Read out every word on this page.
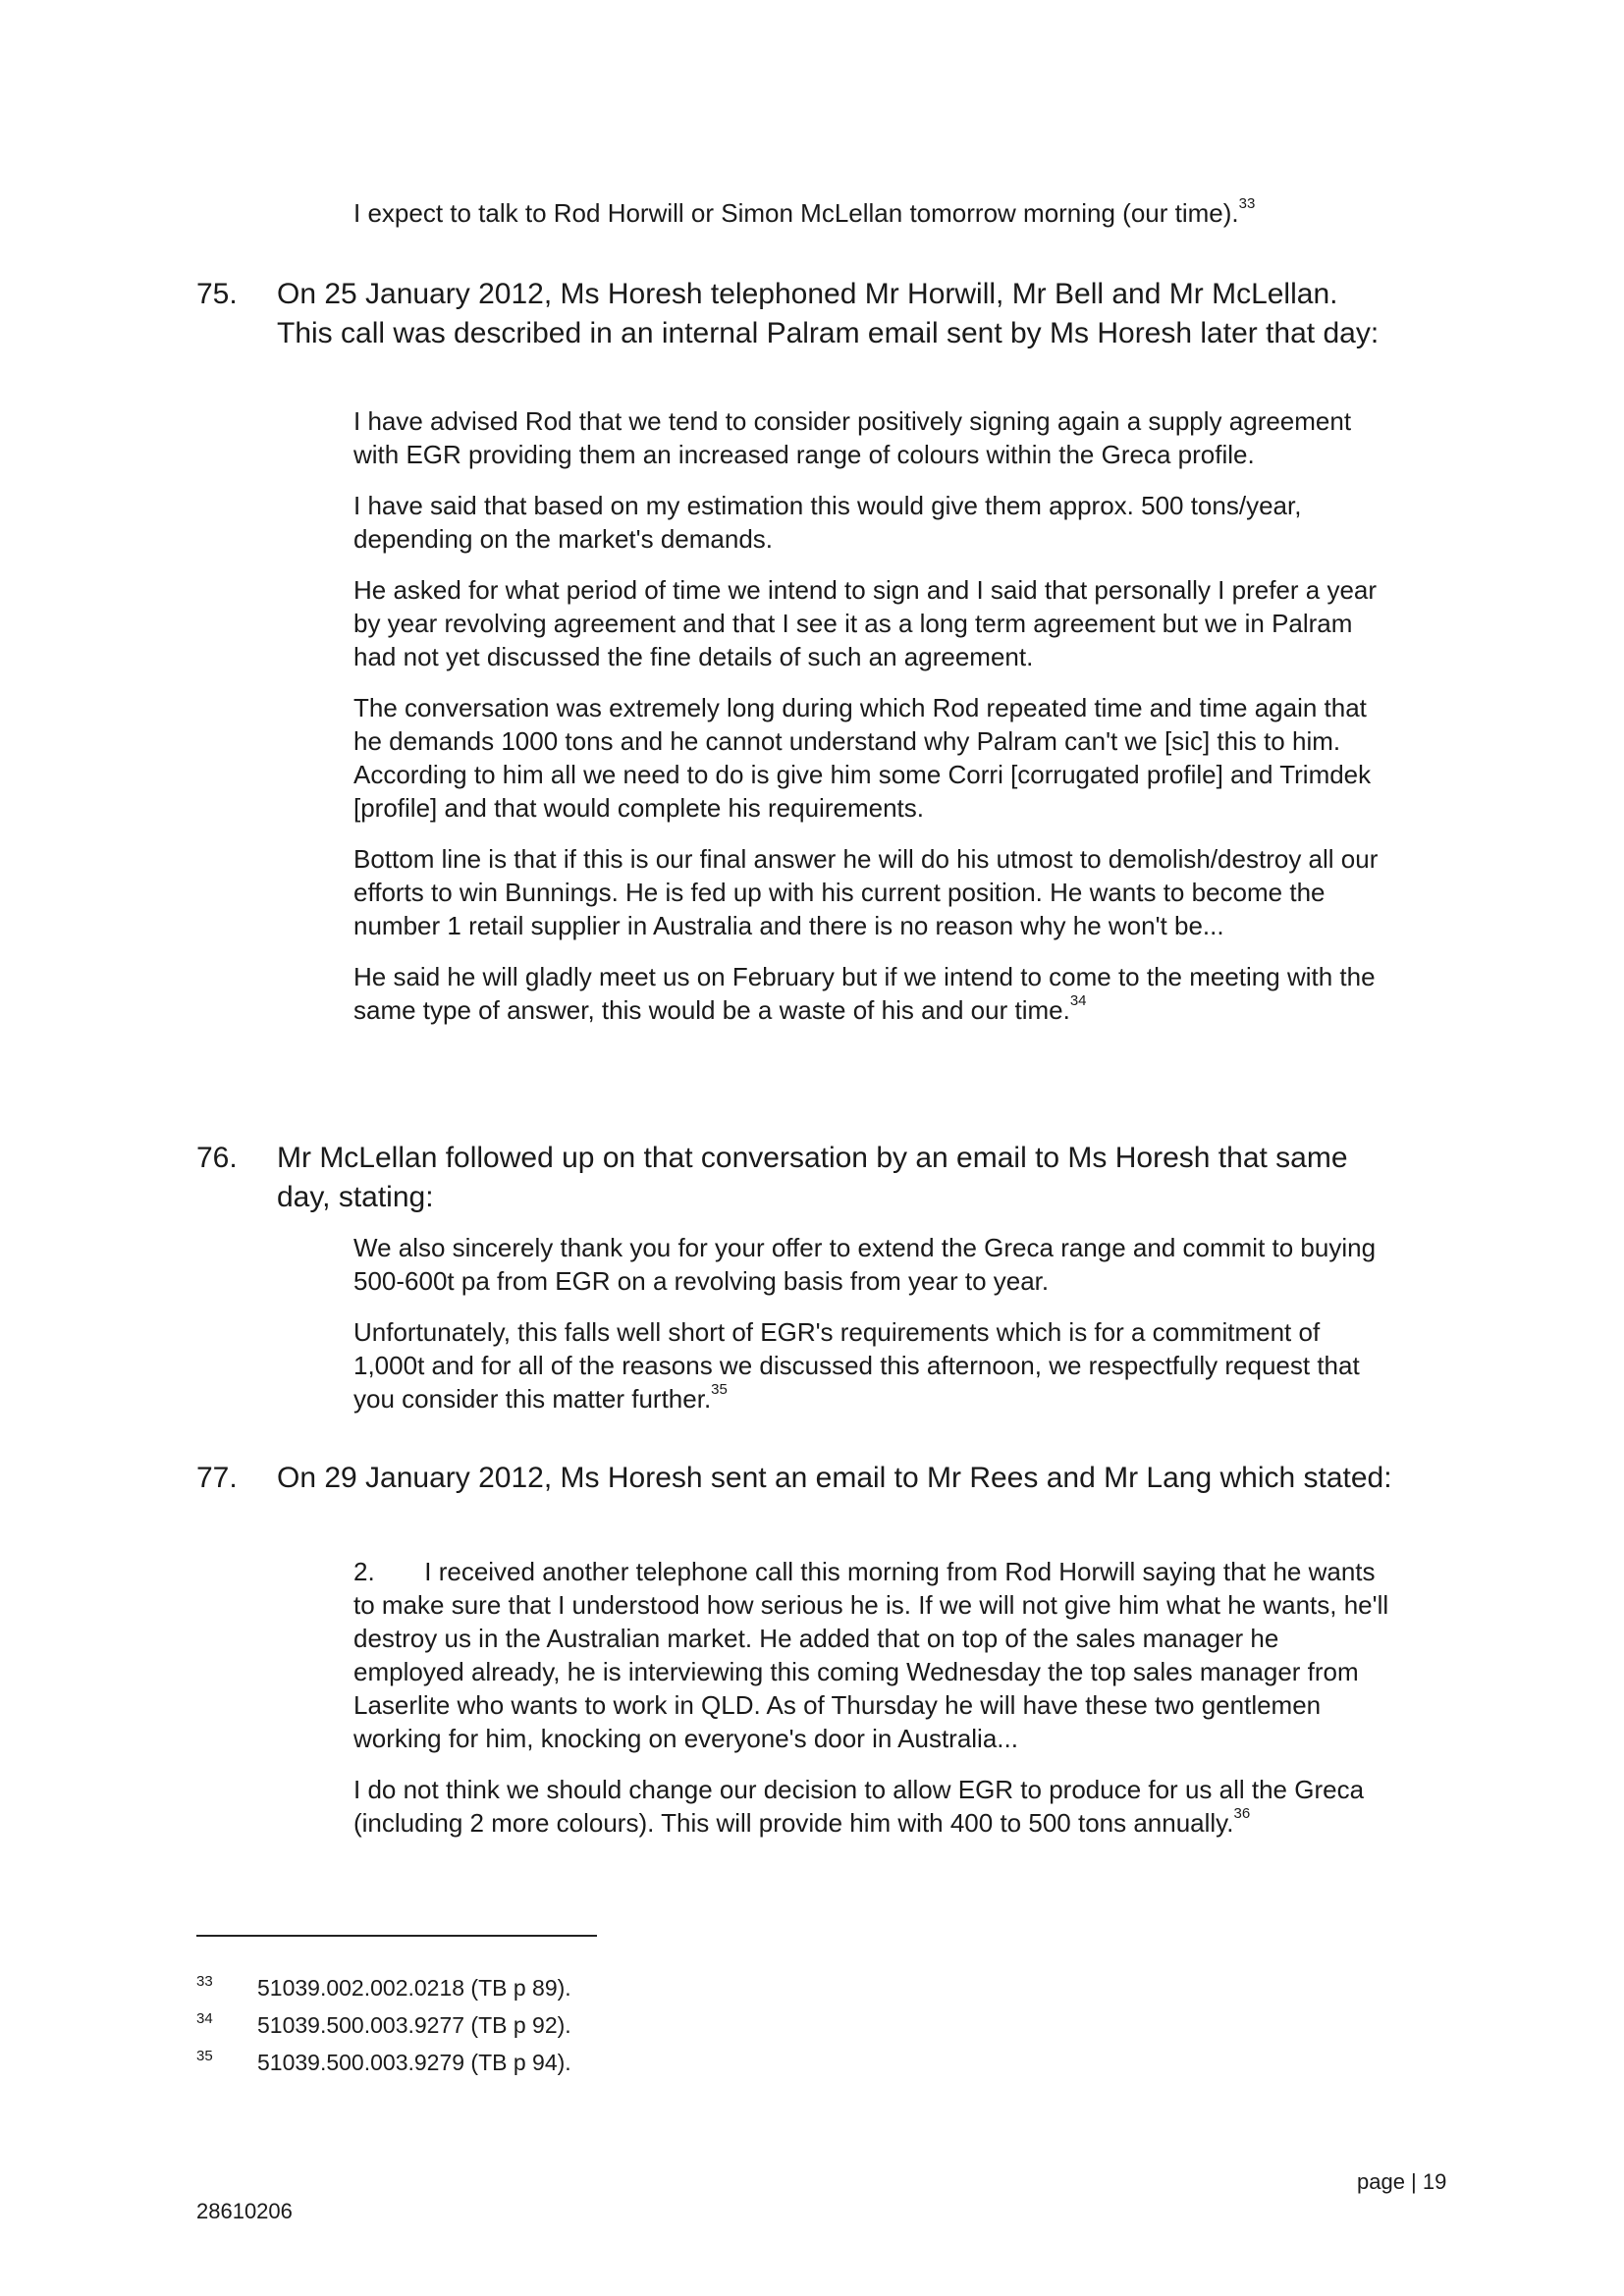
I expect to talk to Rod Horwill or Simon McLellan tomorrow morning (our time).$^{33}$

75. On 25 January 2012, Ms Horesh telephoned Mr Horwill, Mr Bell and Mr McLellan. This call was described in an internal Palram email sent by Ms Horesh later that day:

I have advised Rod that we tend to consider positively signing again a supply agreement with EGR providing them an increased range of colours within the Greca profile.

I have said that based on my estimation this would give them approx. 500 tons/year, depending on the market's demands.

He asked for what period of time we intend to sign and I said that personally I prefer a year by year revolving agreement and that I see it as a long term agreement but we in Palram had not yet discussed the fine details of such an agreement.

The conversation was extremely long during which Rod repeated time and time again that he demands 1000 tons and he cannot understand why Palram can't we [sic] this to him. According to him all we need to do is give him some Corri [corrugated profile] and Trimdek [profile] and that would complete his requirements.

Bottom line is that if this is our final answer he will do his utmost to demolish/destroy all our efforts to win Bunnings. He is fed up with his current position. He wants to become the number 1 retail supplier in Australia and there is no reason why he won't be...

He said he will gladly meet us on February but if we intend to come to the meeting with the same type of answer, this would be a waste of his and our time.$^{34}$

76. Mr McLellan followed up on that conversation by an email to Ms Horesh that same day, stating:

We also sincerely thank you for your offer to extend the Greca range and commit to buying 500-600t pa from EGR on a revolving basis from year to year.

Unfortunately, this falls well short of EGR's requirements which is for a commitment of 1,000t and for all of the reasons we discussed this afternoon, we respectfully request that you consider this matter further.$^{35}$

77. On 29 January 2012, Ms Horesh sent an email to Mr Rees and Mr Lang which stated:

2.       I received another telephone call this morning from Rod Horwill saying that he wants to make sure that I understood how serious he is. If we will not give him what he wants, he'll destroy us in the Australian market. He added that on top of the sales manager he employed already, he is interviewing this coming Wednesday the top sales manager from Laserlite who wants to work in QLD. As of Thursday he will have these two gentlemen working for him, knocking on everyone's door in Australia...

I do not think we should change our decision to allow EGR to produce for us all the Greca (including 2 more colours). This will provide him with 400 to 500 tons annually.$^{36}$

33 51039.002.002.0218 (TB p 89).
34 51039.500.003.9277 (TB p 92).
35 51039.500.003.9279 (TB p 94).
page | 19
28610206
